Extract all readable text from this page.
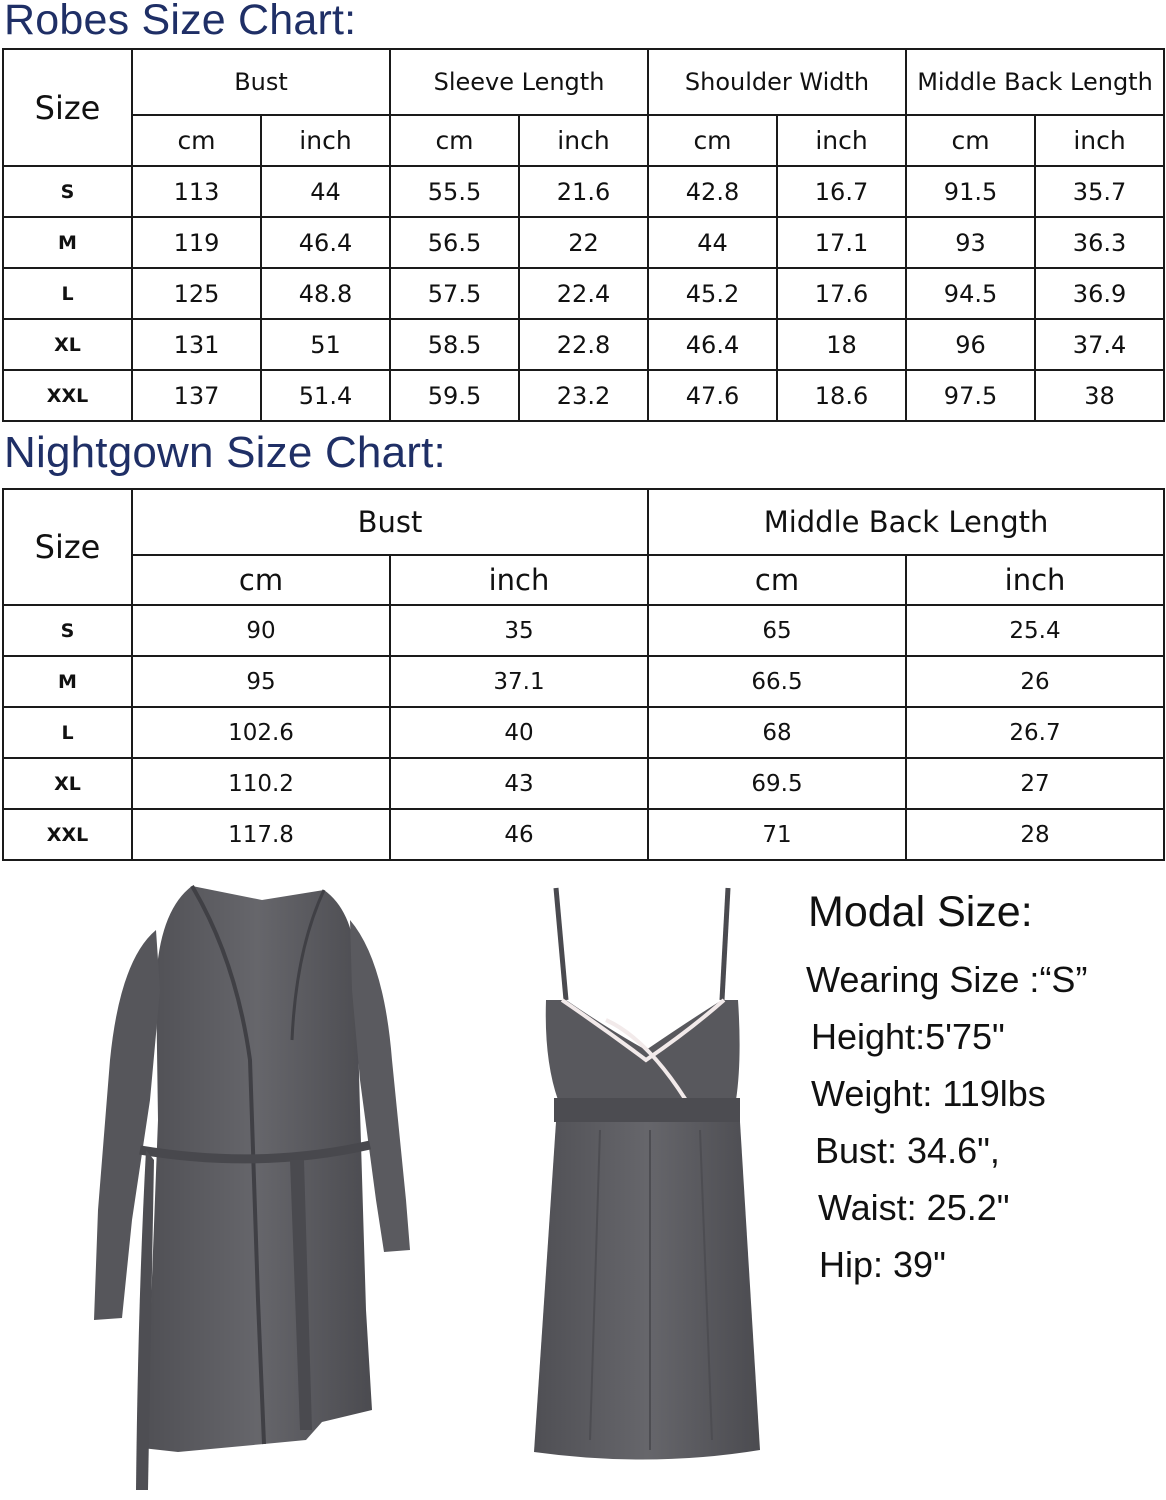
Robes Size Chart:
Size	Bust		Sleeve Length		Shoulder Width		Middle Back Length	
	cm	inch	cm	inch	cm	inch	cm	inch
S	113	44	55.5	21.6	42.8	16.7	91.5	35.7
M	119	46.4	56.5	22	44	17.1	93	36.3
L	125	48.8	57.5	22.4	45.2	17.6	94.5	36.9
XL	131	51	58.5	22.8	46.4	18	96	37.4
XXL	137	51.4	59.5	23.2	47.6	18.6	97.5	38
Nightgown Size Chart:
Size	Bust		Middle Back Length	
	cm	inch	cm	inch
S	90	35	65	25.4
M	95	37.1	66.5	26
L	102.6	40	68	26.7
XL	110.2	43	69.5	27
XXL	117.8	46	71	28
Modal Size:
Wearing Size :“S”
Height:5'75"
Weight: 119lbs
Bust: 34.6",
Waist: 25.2"
Hip: 39"
